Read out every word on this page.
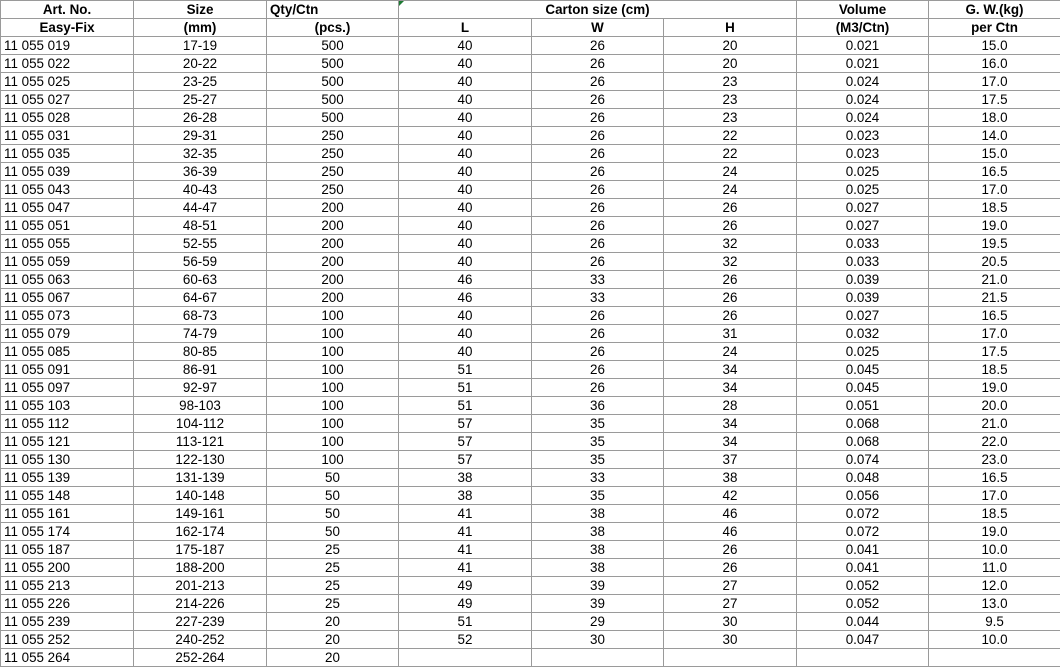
Art. No.	Size	Qty/Ctn	Carton size (cm)			Volume	G. W.(kg)
Easy-Fix	(mm)	(pcs.)	L	W	H	(M3/Ctn)	per Ctn
11 055 019	17-19	500	40	26	20	0.021	15.0
11 055 022	20-22	500	40	26	20	0.021	16.0
11 055 025	23-25	500	40	26	23	0.024	17.0
11 055 027	25-27	500	40	26	23	0.024	17.5
11 055 028	26-28	500	40	26	23	0.024	18.0
11 055 031	29-31	250	40	26	22	0.023	14.0
11 055 035	32-35	250	40	26	22	0.023	15.0
11 055 039	36-39	250	40	26	24	0.025	16.5
11 055 043	40-43	250	40	26	24	0.025	17.0
11 055 047	44-47	200	40	26	26	0.027	18.5
11 055 051	48-51	200	40	26	26	0.027	19.0
11 055 055	52-55	200	40	26	32	0.033	19.5
11 055 059	56-59	200	40	26	32	0.033	20.5
11 055 063	60-63	200	46	33	26	0.039	21.0
11 055 067	64-67	200	46	33	26	0.039	21.5
11 055 073	68-73	100	40	26	26	0.027	16.5
11 055 079	74-79	100	40	26	31	0.032	17.0
11 055 085	80-85	100	40	26	24	0.025	17.5
11 055 091	86-91	100	51	26	34	0.045	18.5
11 055 097	92-97	100	51	26	34	0.045	19.0
11 055 103	98-103	100	51	36	28	0.051	20.0
11 055 112	104-112	100	57	35	34	0.068	21.0
11 055 121	113-121	100	57	35	34	0.068	22.0
11 055 130	122-130	100	57	35	37	0.074	23.0
11 055 139	131-139	50	38	33	38	0.048	16.5
11 055 148	140-148	50	38	35	42	0.056	17.0
11 055 161	149-161	50	41	38	46	0.072	18.5
11 055 174	162-174	50	41	38	46	0.072	19.0
11 055 187	175-187	25	41	38	26	0.041	10.0
11 055 200	188-200	25	41	38	26	0.041	11.0
11 055 213	201-213	25	49	39	27	0.052	12.0
11 055 226	214-226	25	49	39	27	0.052	13.0
11 055 239	227-239	20	51	29	30	0.044	9.5
11 055 252	240-252	20	52	30	30	0.047	10.0
11 055 264	252-264	20					
